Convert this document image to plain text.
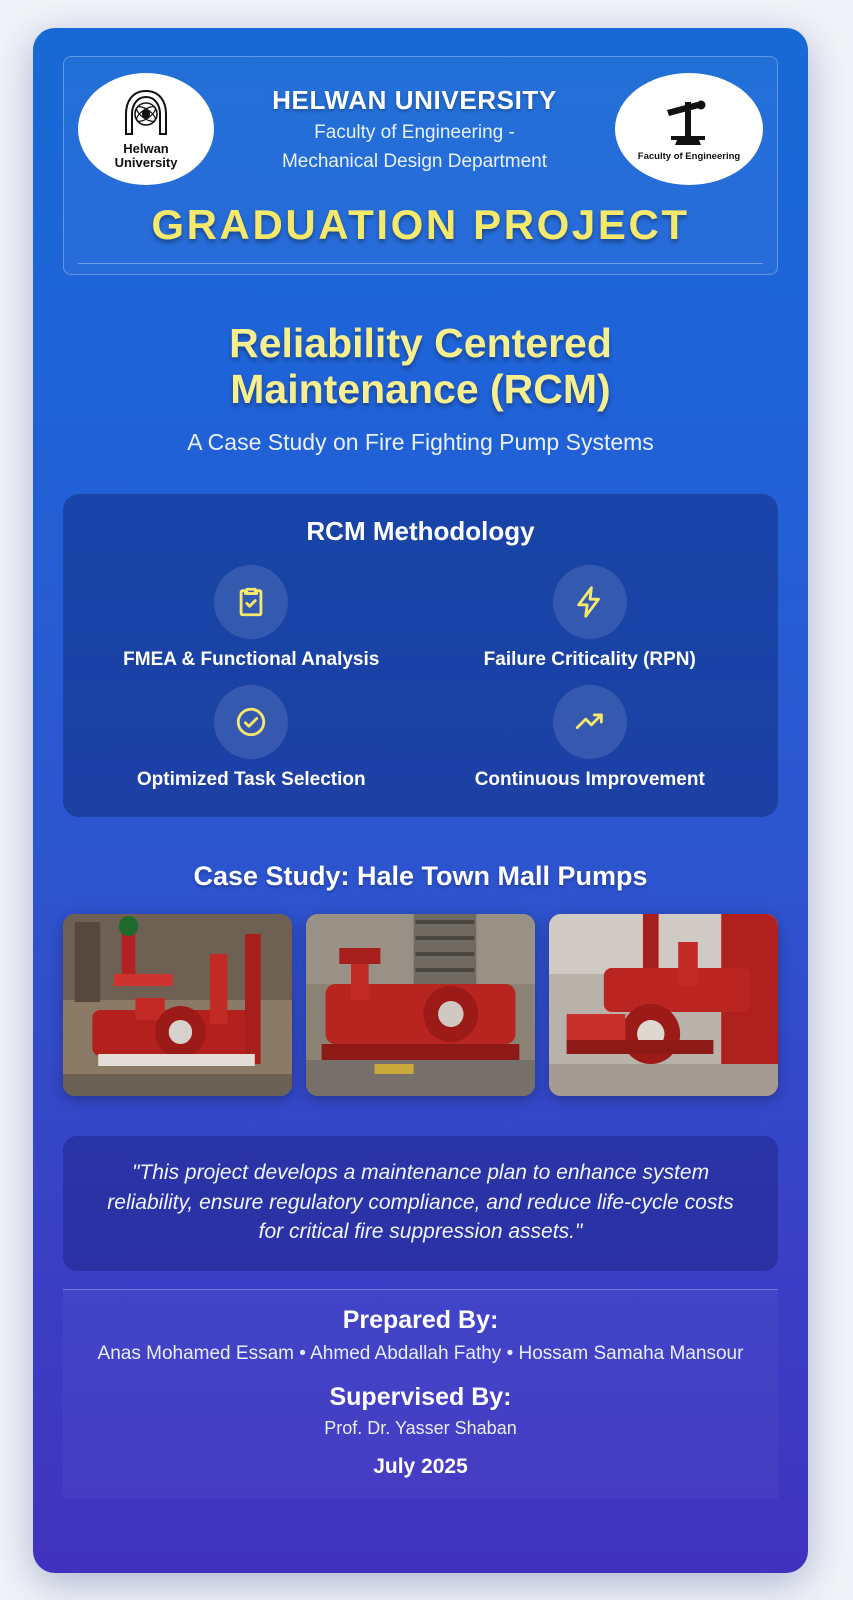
Helwan
University
HELWAN UNIVERSITY
Faculty of Engineering -
Mechanical Design Department	Faculty of Engineering
GRADUATION PROJECT
Reliability Centered
Maintenance (RCM)
A Case Study on Fire Fighting Pump Systems
RCM Methodology
FMEA & Functional Analysis	Failure Criticality (RPN)
Optimized Task Selection	Continuous Improvement
Case Study: Hale Town Mall Pumps
"This project develops a maintenance plan to enhance system reliability, ensure regulatory compliance, and reduce life-cycle costs for critical fire suppression assets."
Prepared By:
Anas Mohamed Essam • Ahmed Abdallah Fathy • Hossam Samaha Mansour
Supervised By:
Prof. Dr. Yasser Shaban
July 2025
